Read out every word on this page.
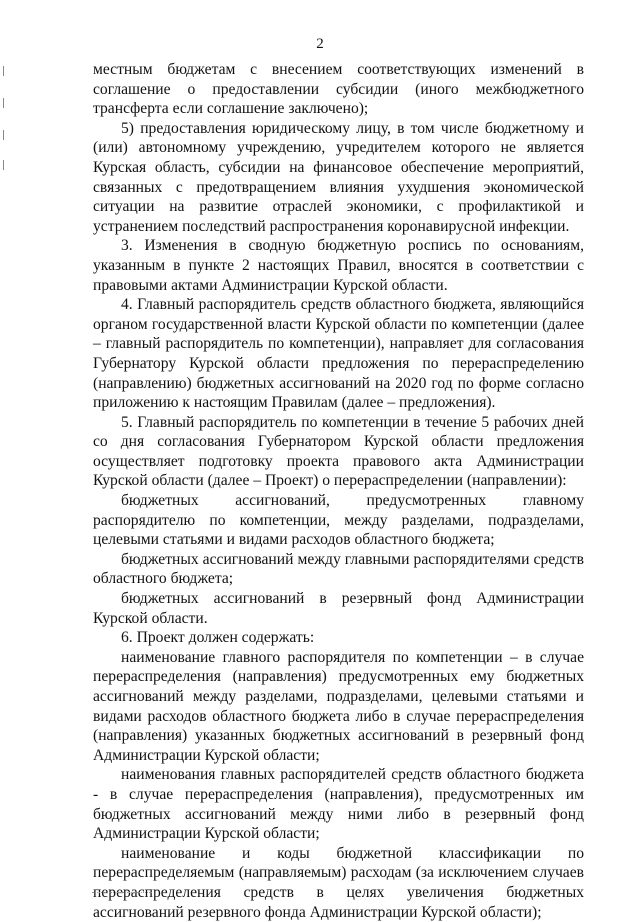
2

местным бюджетам с внесением соответствующих изменений в соглашение о предоставлении субсидии (иного межбюджетного трансферта если соглашение заключено);

5) предоставления юридическому лицу, в том числе бюджетному и (или) автономному учреждению, учредителем которого не является Курская область, субсидии на финансовое обеспечение мероприятий, связанных с предотвращением влияния ухудшения экономической ситуации на развитие отраслей экономики, с профилактикой и устранением последствий распространения коронавирусной инфекции.

3. Изменения в сводную бюджетную роспись по основаниям, указанным в пункте 2 настоящих Правил, вносятся в соответствии с правовыми актами Администрации Курской области.

4. Главный распорядитель средств областного бюджета, являющийся органом государственной власти Курской области по компетенции (далее – главный распорядитель по компетенции), направляет для согласования Губернатору Курской области предложения по перераспределению (направлению) бюджетных ассигнований на 2020 год по форме согласно приложению к настоящим Правилам (далее – предложения).

5. Главный распорядитель по компетенции в течение 5 рабочих дней со дня согласования Губернатором Курской области предложения осуществляет подготовку проекта правового акта Администрации Курской области (далее – Проект) о перераспределении (направлении):

бюджетных ассигнований, предусмотренных главному распорядителю по компетенции, между разделами, подразделами, целевыми статьями и видами расходов областного бюджета;

бюджетных ассигнований между главными распорядителями средств областного бюджета;

бюджетных ассигнований в резервный фонд Администрации Курской области.

6. Проект должен содержать:

наименование главного распорядителя по компетенции – в случае перераспределения (направления) предусмотренных ему бюджетных ассигнований между разделами, подразделами, целевыми статьями и видами расходов областного бюджета либо в случае перераспределения (направления) указанных бюджетных ассигнований в резервный фонд Администрации Курской области;

наименования главных распорядителей средств областного бюджета - в случае перераспределения (направления), предусмотренных им бюджетных ассигнований между ними либо в резервный фонд Администрации Курской области;

наименование и коды бюджетной классификации по перераспределяемым (направляемым) расходам (за исключением случаев перераспределения средств в целях увеличения бюджетных ассигнований резервного фонда Администрации Курской области);
